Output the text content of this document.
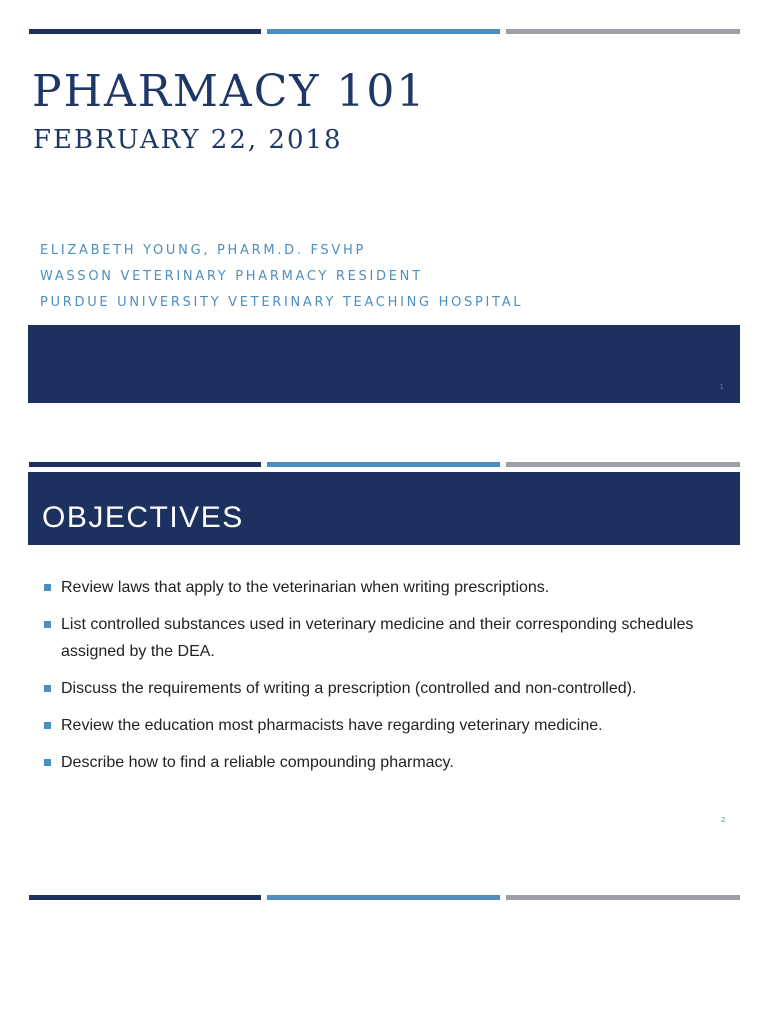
PHARMACY 101
FEBRUARY 22, 2018
ELIZABETH YOUNG, PHARM.D. FSVHP
WASSON VETERINARY PHARMACY RESIDENT
PURDUE UNIVERSITY VETERINARY TEACHING HOSPITAL
1
OBJECTIVES
Review laws that apply to the veterinarian when writing prescriptions.
List controlled substances used in veterinary medicine and their corresponding schedules assigned by the DEA.
Discuss the requirements of writing a prescription (controlled and non-controlled).
Review the education most pharmacists have regarding veterinary medicine.
Describe how to find a reliable compounding pharmacy.
2
